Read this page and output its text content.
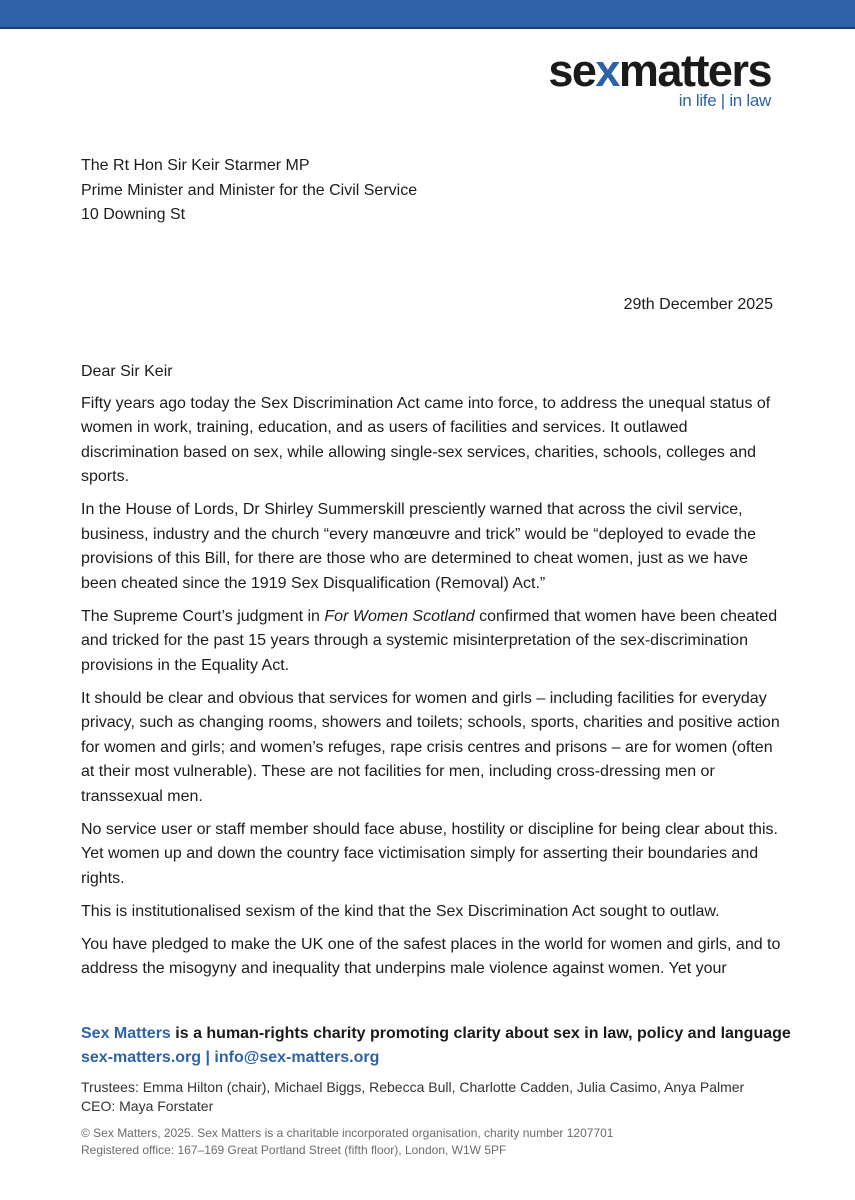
sexmatters
in life | in law
The Rt Hon Sir Keir Starmer MP
Prime Minister and Minister for the Civil Service
10 Downing St
29th December 2025

Dear Sir Keir

Fifty years ago today the Sex Discrimination Act came into force, to address the unequal status of women in work, training, education, and as users of facilities and services. It outlawed discrimination based on sex, while allowing single-sex services, charities, schools, colleges and sports.

In the House of Lords, Dr Shirley Summerskill presciently warned that across the civil service, business, industry and the church “every manœuvre and trick” would be “deployed to evade the provisions of this Bill, for there are those who are determined to cheat women, just as we have been cheated since the 1919 Sex Disqualification (Removal) Act.”

The Supreme Court’s judgment in For Women Scotland confirmed that women have been cheated and tricked for the past 15 years through a systemic misinterpretation of the sex-discrimination provisions in the Equality Act.

It should be clear and obvious that services for women and girls – including facilities for everyday privacy, such as changing rooms, showers and toilets; schools, sports, charities and positive action for women and girls; and women’s refuges, rape crisis centres and prisons – are for women (often at their most vulnerable). These are not facilities for men, including cross-dressing men or transsexual men.

No service user or staff member should face abuse, hostility or discipline for being clear about this. Yet women up and down the country face victimisation simply for asserting their boundaries and rights.

This is institutionalised sexism of the kind that the Sex Discrimination Act sought to outlaw.

You have pledged to make the UK one of the safest places in the world for women and girls, and to address the misogyny and inequality that underpins male violence against women. Yet your

Sex Matters is a human-rights charity promoting clarity about sex in law, policy and language
sex-matters.org | info@sex-matters.org
Trustees: Emma Hilton (chair), Michael Biggs, Rebecca Bull, Charlotte Cadden, Julia Casimo, Anya Palmer
CEO: Maya Forstater
© Sex Matters, 2025. Sex Matters is a charitable incorporated organisation, charity number 1207701
Registered office: 167–169 Great Portland Street (fifth floor), London, W1W 5PF
